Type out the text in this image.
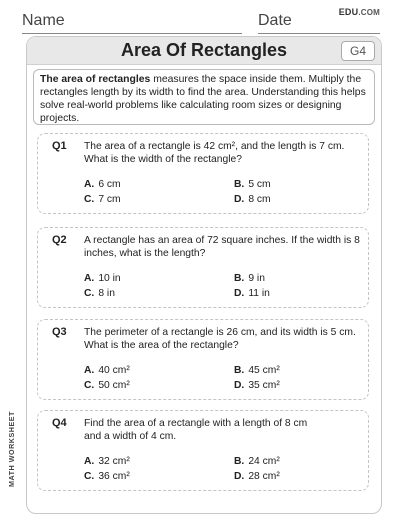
Name	Date	EDU.COM
Area Of Rectangles	G4
The area of rectangles measures the space inside them. Multiply the rectangles length by its width to find the area. Understanding this helps solve real-world problems like calculating room sizes or designing projects.
Q1 The area of a rectangle is 42 cm², and the length is 7 cm. What is the width of the rectangle?
A. 6 cm	B. 5 cm
C. 7 cm	D. 8 cm
Q2 A rectangle has an area of 72 square inches. If the width is 8 inches, what is the length?
A. 10 in	B. 9 in
C. 8 in	D. 11 in
Q3 The perimeter of a rectangle is 26 cm, and its width is 5 cm. What is the area of the rectangle?
A. 40 cm²	B. 45 cm²
C. 50 cm²	D. 35 cm²
Q4 Find the area of a rectangle with a length of 8 cm and a width of 4 cm.
A. 32 cm²	B. 24 cm²
C. 36 cm²	D. 28 cm²
MATH WORKSHEET
